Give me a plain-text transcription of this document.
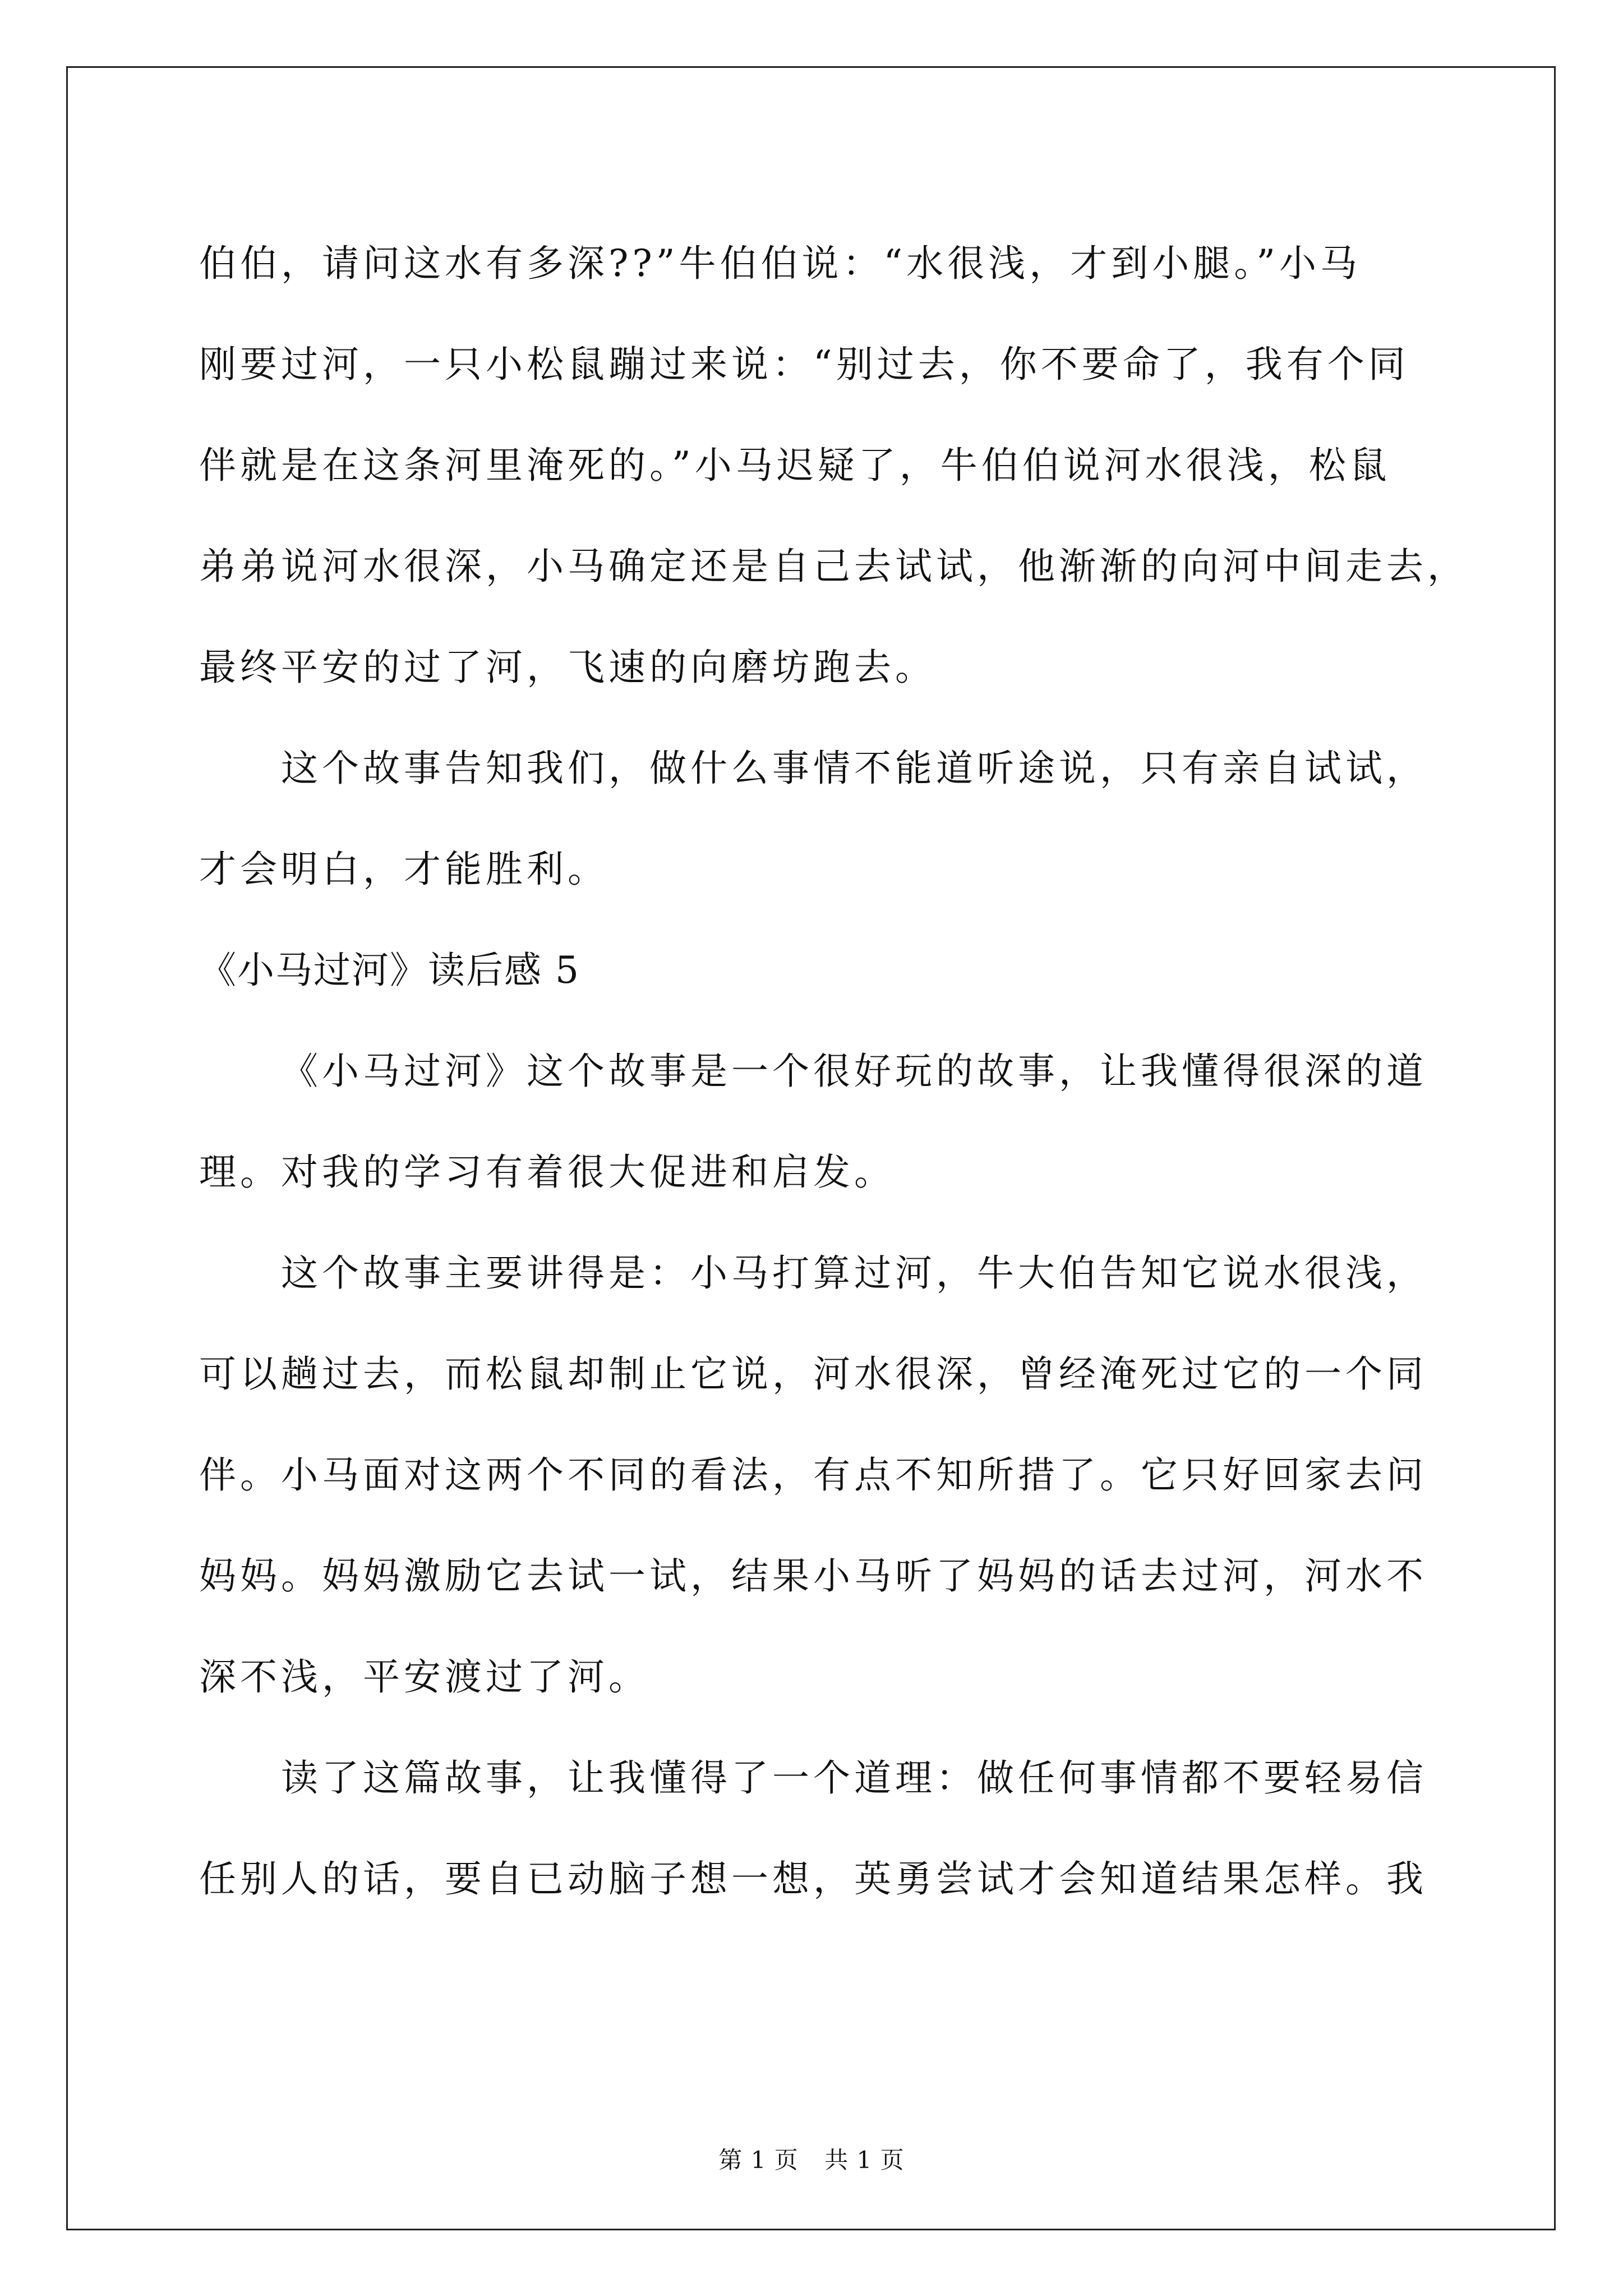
伯伯，请问这水有多深??”牛伯伯说：“水很浅，才到小腿。”小马
刚要过河，一只小松鼠蹦过来说：“别过去，你不要命了，我有个同
伴就是在这条河里淹死的。”小马迟疑了，牛伯伯说河水很浅，松鼠
弟弟说河水很深，小马确定还是自己去试试，他渐渐的向河中间走去，
最终平安的过了河，飞速的向磨坊跑去。
这个故事告知我们，做什么事情不能道听途说，只有亲自试试，
才会明白，才能胜利。
《小马过河》读后感 5
《小马过河》这个故事是一个很好玩的故事，让我懂得很深的道
理。对我的学习有着很大促进和启发。
这个故事主要讲得是：小马打算过河，牛大伯告知它说水很浅，
可以趟过去，而松鼠却制止它说，河水很深，曾经淹死过它的一个同
伴。小马面对这两个不同的看法，有点不知所措了。它只好回家去问
妈妈。妈妈激励它去试一试，结果小马听了妈妈的话去过河，河水不
深不浅，平安渡过了河。
读了这篇故事，让我懂得了一个道理：做任何事情都不要轻易信
任别人的话，要自已动脑子想一想，英勇尝试才会知道结果怎样。我
第 1 页 共 1 页
